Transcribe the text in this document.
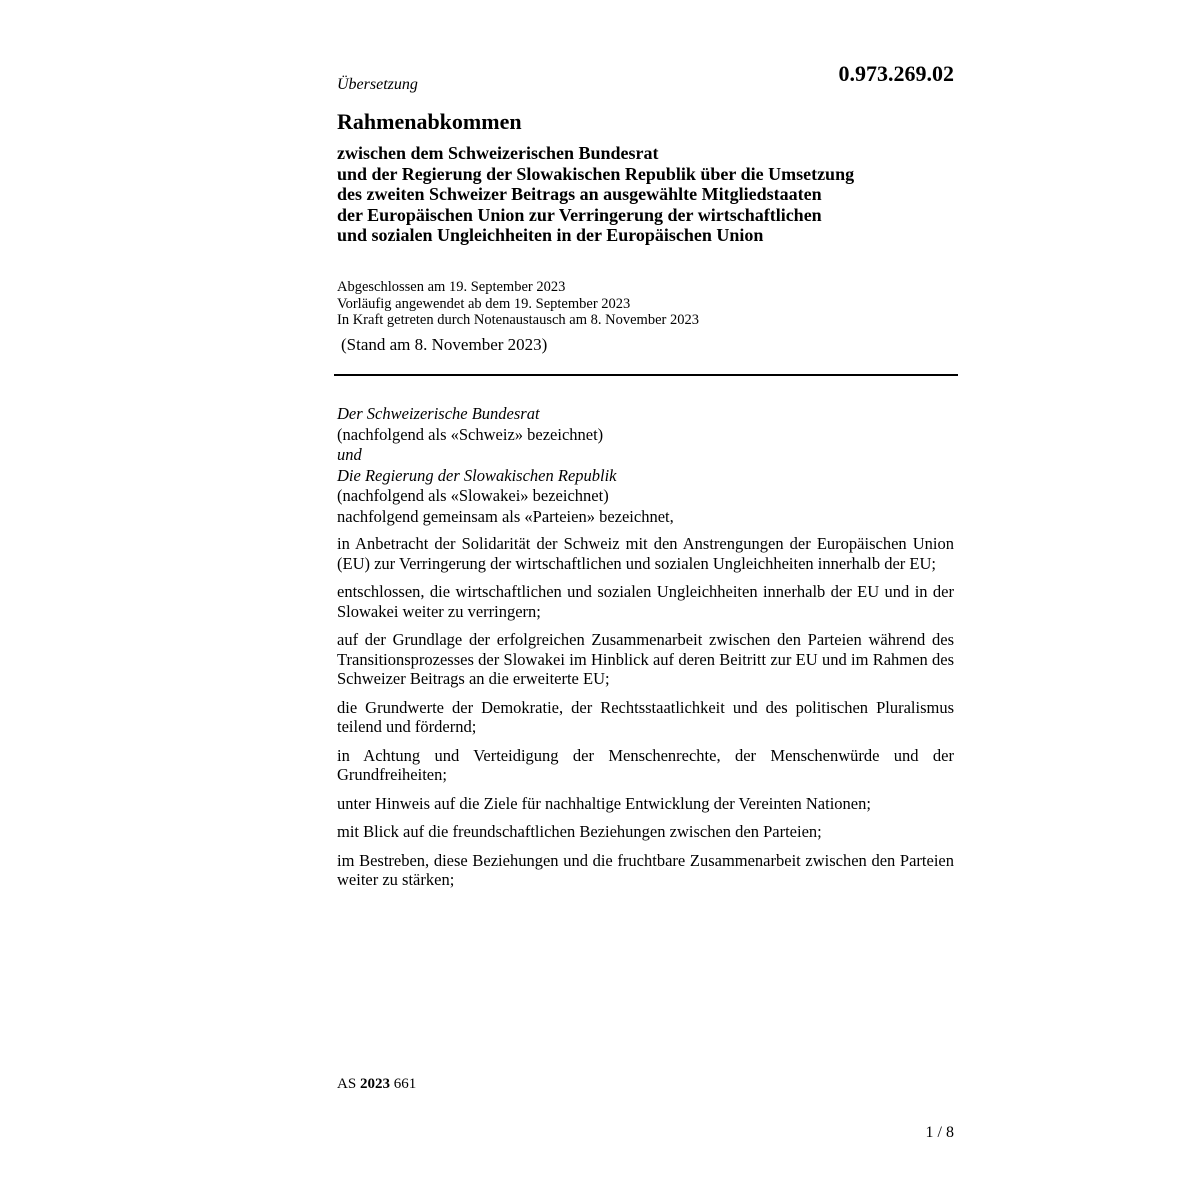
Übersetzung	0.973.269.02
Rahmenabkommen
zwischen dem Schweizerischen Bundesrat
und der Regierung der Slowakischen Republik über die Umsetzung
des zweiten Schweizer Beitrags an ausgewählte Mitgliedstaaten
der Europäischen Union zur Verringerung der wirtschaftlichen
und sozialen Ungleichheiten in der Europäischen Union
Abgeschlossen am 19. September 2023
Vorläufig angewendet ab dem 19. September 2023
In Kraft getreten durch Notenaustausch am 8. November 2023
(Stand am 8. November 2023)
Der Schweizerische Bundesrat
(nachfolgend als «Schweiz» bezeichnet)
und
Die Regierung der Slowakischen Republik
(nachfolgend als «Slowakei» bezeichnet)
nachfolgend gemeinsam als «Parteien» bezeichnet,

in Anbetracht der Solidarität der Schweiz mit den Anstrengungen der Europäischen Union (EU) zur Verringerung der wirtschaftlichen und sozialen Ungleichheiten innerhalb der EU;

entschlossen, die wirtschaftlichen und sozialen Ungleichheiten innerhalb der EU und in der Slowakei weiter zu verringern;

auf der Grundlage der erfolgreichen Zusammenarbeit zwischen den Parteien während des Transitionsprozesses der Slowakei im Hinblick auf deren Beitritt zur EU und im Rahmen des Schweizer Beitrags an die erweiterte EU;

die Grundwerte der Demokratie, der Rechtsstaatlichkeit und des politischen Pluralismus teilend und fördernd;

in Achtung und Verteidigung der Menschenrechte, der Menschenwürde und der Grundfreiheiten;

unter Hinweis auf die Ziele für nachhaltige Entwicklung der Vereinten Nationen;

mit Blick auf die freundschaftlichen Beziehungen zwischen den Parteien;

im Bestreben, diese Beziehungen und die fruchtbare Zusammenarbeit zwischen den Parteien weiter zu stärken;

AS 2023 661
1 / 8
